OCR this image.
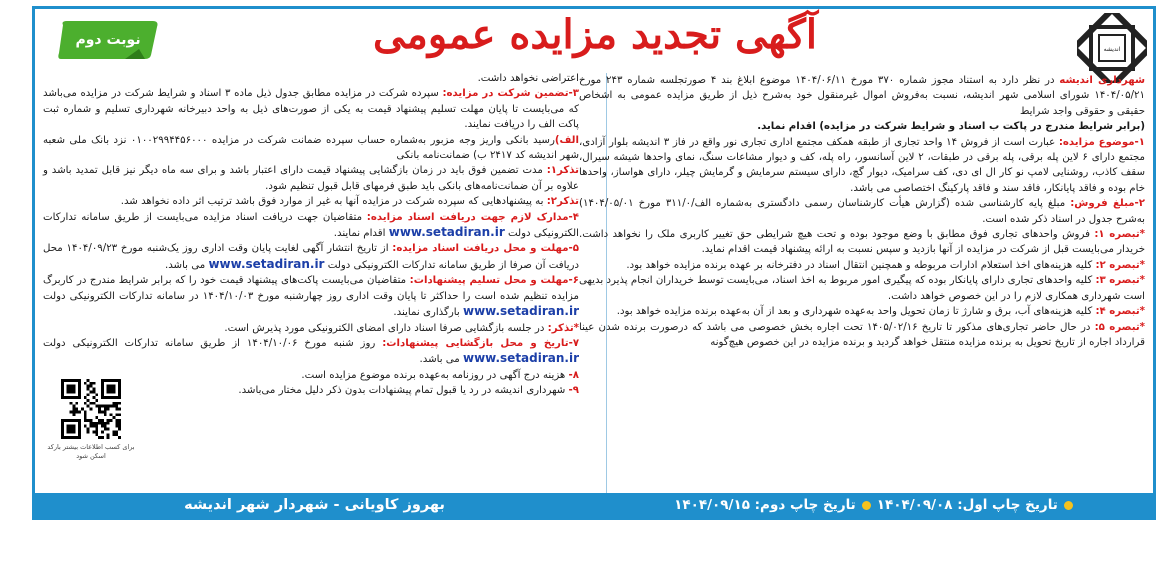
اندیشه
آگهی تجدید مزایده عمومی
نوبت دوم

شهرداری اندیشه در نظر دارد به استناد مجوز شماره ۳۷۰ مورخ ۱۴۰۴/۰۶/۱۱ موضوع ابلاغ بند ۴ صورتجلسه شماره ۲۴۳ مورخ ۱۴۰۴/۰۵/۲۱ شورای اسلامی شهر اندیشه، نسبت به‌فروش اموال غیرمنقول خود به‌شرح ذیل از طریق مزایده عمومی به اشخاص حقیقی و حقوقی واجد شرایط

(برابر شرایط مندرج در پاکت ب اسناد و شرایط شرکت در مزایده) اقدام نماید.

۱-موضوع مزایده: عبارت است از فروش ۱۴ واحد تجاری از طبقه همکف مجتمع اداری تجاری نور واقع در فاز ۳ اندیشه بلوار آزادی، مجتمع دارای ۶ لاین پله برقی، پله برقی در طبقات، ۲ لاین آسانسور، راه پله، کف و دیوار مشاعات سنگ، نمای واحدها شیشه سیرال، سقف کاذب، روشنایی لامپ نو کار ال ای دی، کف سرامیک، دیوار گچ، دارای سیستم سرمایش و گرمایش چیلر، دارای هواساز، واحدها خام بوده و فاقد پایانکار، فاقد سند و فاقد پارکینگ اختصاصی می باشد.

۲-مبلغ فروش: مبلغ پایه کارشناسی شده (گزارش هیأت کارشناسان رسمی دادگستری به‌شماره الف/۳۱۱/۰ مورخ ۱۴۰۴/۰۵/۰۱) به‌شرح جدول در اسناد ذکر شده است.

*تبصره ۱: فروش واحدهای تجاری فوق مطابق با وضع موجود بوده و تحت هیچ شرایطی حق تغییر کاربری ملک را نخواهد داشت. خریدار می‌بایست قبل از شرکت در مزایده از آنها بازدید و سپس نسبت به ارائه پیشنهاد قیمت اقدام نماید.

*تبصره ۲: کلیه هزینه‌های اخذ استعلام ادارات مربوطه و همچنین انتقال اسناد در دفترخانه بر عهده برنده مزایده خواهد بود.

*تبصره ۳: کلیه واحدهای تجاری دارای پایانکار بوده که پیگیری امور مربوط به اخذ اسناد، می‌بایست توسط خریداران انجام پذیرد بدیهی است شهرداری همکاری لازم را در این خصوص خواهد داشت.

*تبصره ۴: کلیه هزینه‌های آب، برق و شارژ تا زمان تحویل واحد به‌عهده شهرداری و بعد از آن به‌عهده برنده مزایده خواهد بود.

*تبصره ۵: در حال حاضر تجاری‌های مذکور تا تاریخ ۱۴۰۵/۰۲/۱۶ تحت اجاره بخش خصوصی می باشد که درصورت برنده شدن عینا قرارداد اجاره از تاریخ تحویل به برنده مزایده منتقل خواهد گردید و برنده مزایده در این خصوص هیچ‌گونه

اعتراضی نخواهد داشت.

۳-تضمین شرکت در مزایده: سپرده شرکت در مزایده مطابق جدول ذیل ماده ۳ اسناد و شرایط شرکت در مزایده می‌باشد که می‌بایست تا پایان مهلت تسلیم پیشنهاد قیمت به یکی از صورت‌های ذیل به واحد دبیرخانه شهرداری تسلیم و شماره ثبت پاکت الف را دریافت نمایند.

الف)رسید بانکی واریز وجه مزبور به‌شماره حساب سپرده ضمانت شرکت در مزایده ۰۱۰۰۲۹۹۴۴۵۶۰۰۰ نزد بانک ملی شعبه شهر اندیشه کد ۲۴۱۷ ب) ضمانت‌نامه بانکی

تذکر۱: مدت تضمین فوق باید در زمان بازگشایی پیشنهاد قیمت دارای اعتبار باشد و برای سه ماه دیگر نیز قابل تمدید باشد و علاوه بر آن ضمانت‌نامه‌های بانکی باید طبق فرمهای قابل قبول تنظیم شود.

تذکر۲: به پیشنهادهایی که سپرده شرکت در مزایده آنها به غیر از موارد فوق باشد ترتیب اثر داده نخواهد شد.

۴-مدارک لازم جهت دریافت اسناد مزایده: متقاضیان جهت دریافت اسناد مزایده می‌بایست از طریق سامانه تدارکات الکترونیکی دولت www.setadiran.ir اقدام نمایند.

۵-مهلت و محل دریافت اسناد مزایده: از تاریخ انتشار آگهی لغایت پایان وقت اداری روز یک‌شنبه مورخ ۱۴۰۴/۰۹/۲۳ محل دریافت آن صرفا از طریق سامانه تدارکات الکترونیکی دولت www.setadiran.ir می باشد.

۶-مهلت و محل تسلیم پیشنهادات: متقاضیان می‌بایست پاکت‌های پیشنهاد قیمت خود را که برابر شرایط مندرج در کاربرگ مزایده تنظیم شده است را حداکثر تا پایان وقت اداری روز چهارشنبه مورخ ۱۴۰۴/۱۰/۰۳ در سامانه تدارکات الکترونیکی دولت www.setadiran.ir بارگذاری نمایند.

*تذکر: در جلسه بازگشایی صرفا اسناد دارای امضای الکترونیکی مورد پذیرش است.

۷-تاریخ و محل بازگشایی پیشنهادات: روز شنبه مورخ ۱۴۰۴/۱۰/۰۶ از طریق سامانه تدارکات الکترونیکی دولت www.setadiran.ir می باشد.

۸- هزینه درج آگهی در روزنامه به‌عهده برنده موضوع مزایده است.

۹- شهرداری اندیشه در رد یا قبول تمام پیشنهادات بدون ذکر دلیل مختار می‌باشد.

برای کسب اطلاعات بیشتر بارکد اسکن شود
تاریخ چاپ اول: ۱۴۰۴/۰۹/۰۸
تاریخ چاپ دوم: ۱۴۰۴/۰۹/۱۵
بهروز کاویانی - شهردار شهر اندیشه
